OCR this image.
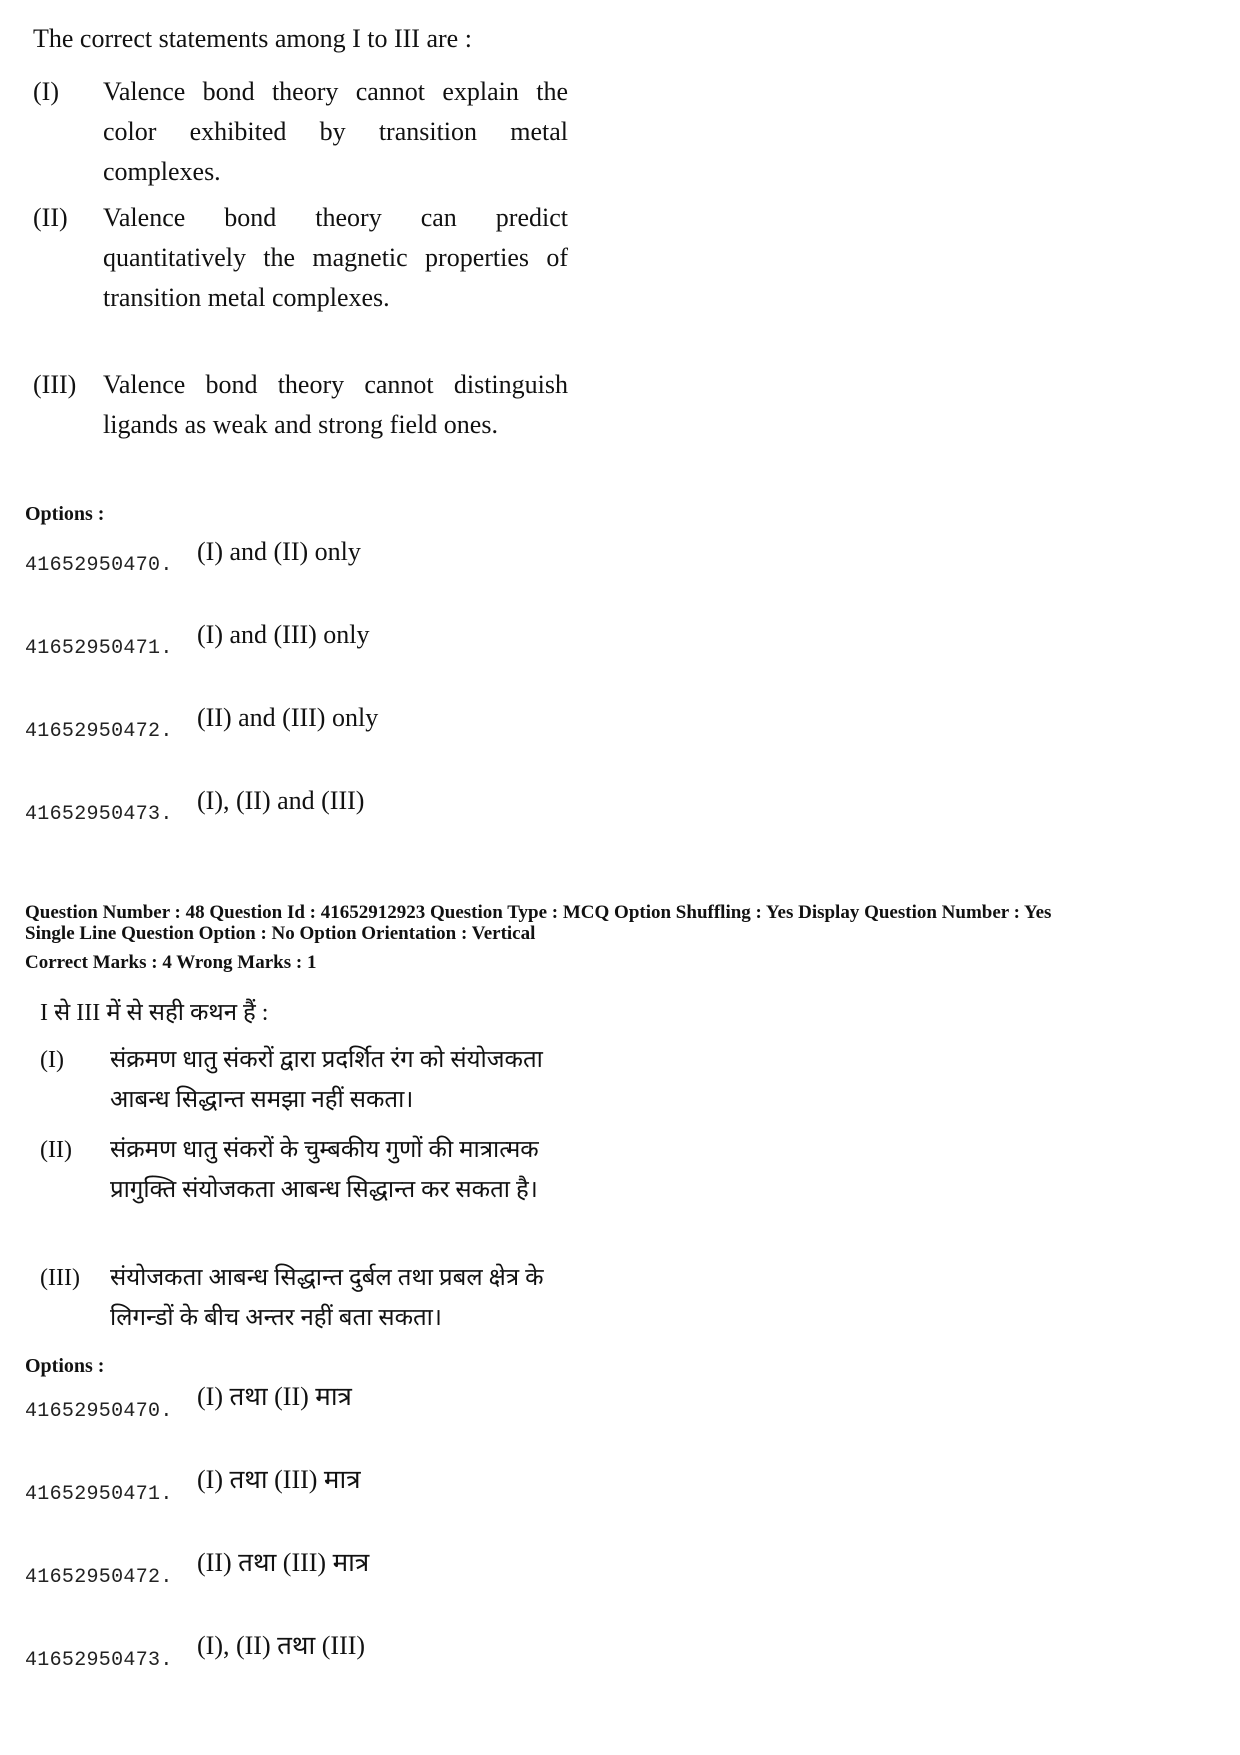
The correct statements among I to III are :
(I) Valence bond theory cannot explain the color exhibited by transition metal complexes.
(II) Valence bond theory can predict quantitatively the magnetic properties of transition metal complexes.
(III) Valence bond theory cannot distinguish ligands as weak and strong field ones.
Options :
41652950470. (I) and (II) only
41652950471. (I) and (III) only
41652950472. (II) and (III) only
41652950473. (I), (II) and (III)
Question Number : 48 Question Id : 41652912923 Question Type : MCQ Option Shuffling : Yes Display Question Number : Yes
Single Line Question Option : No Option Orientation : Vertical
Correct Marks : 4 Wrong Marks : 1
I से III में से सही कथन हैं :
(I) संक्रमण धातु संकरों द्वारा प्रदर्शित रंग को संयोजकता आबन्ध सिद्धान्त समझा नहीं सकता।
(II) संक्रमण धातु संकरों के चुम्बकीय गुणों की मात्रात्मक प्रागुक्ति संयोजकता आबन्ध सिद्धान्त कर सकता है।
(III) संयोजकता आबन्ध सिद्धान्त दुर्बल तथा प्रबल क्षेत्र के लिगन्डों के बीच अन्तर नहीं बता सकता।
Options :
41652950470.
(I) तथा (II) मात्र
41652950471.
(I) तथा (III) मात्र
41652950472.
(II) तथा (III) मात्र
41652950473.
(I), (II) तथा (III)
